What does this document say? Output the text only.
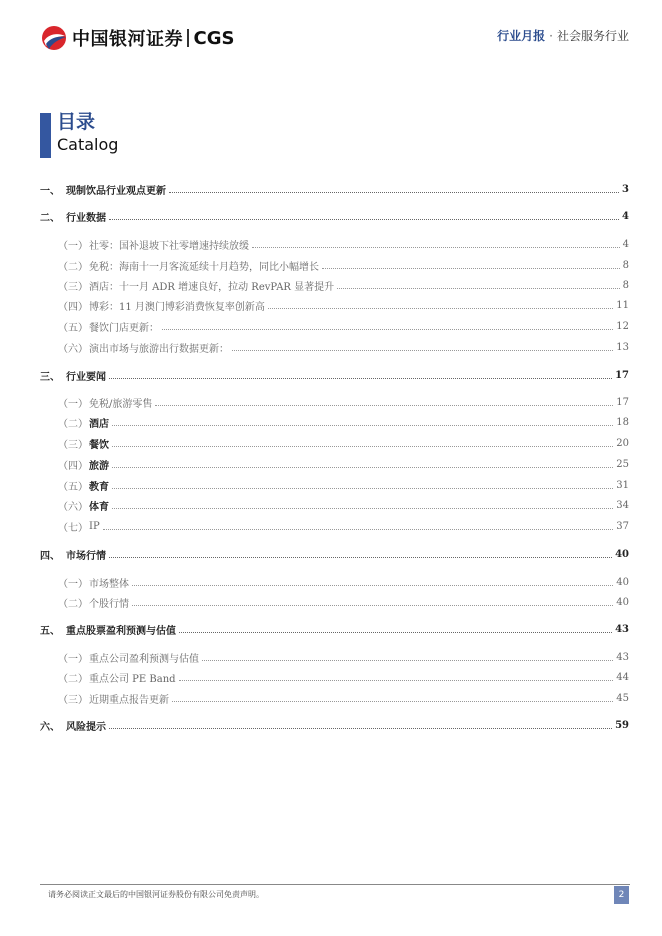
中国银河证券 CGS	行业月报 · 社会服务行业
目录
Catalog
一、 现制饮品行业观点更新	3
二、 行业数据	4
（一） 社零：国补退坡下社零增速持续放缓	4
（二） 免税：海南十一月客流延续十月趋势，同比小幅增长	8
（三） 酒店：十一月 ADR 增速良好，拉动 RevPAR 显著提升	8
（四） 博彩：11 月澳门博彩消费恢复率创新高	11
（五） 餐饮门店更新：	12
（六） 演出市场与旅游出行数据更新：	13
三、 行业要闻	17
（一） 免税/旅游零售	17
（二） 酒店	18
（三） 餐饮	20
（四） 旅游	25
（五） 教育	31
（六） 体育	34
（七） IP	37
四、 市场行情	40
（一） 市场整体	40
（二） 个股行情	40
五、 重点股票盈利预测与估值	43
（一） 重点公司盈利预测与估值	43
（二） 重点公司 PE Band	44
（三） 近期重点报告更新	45
六、 风险提示	59
请务必阅读正文最后的中国银河证券股份有限公司免责声明。	2
